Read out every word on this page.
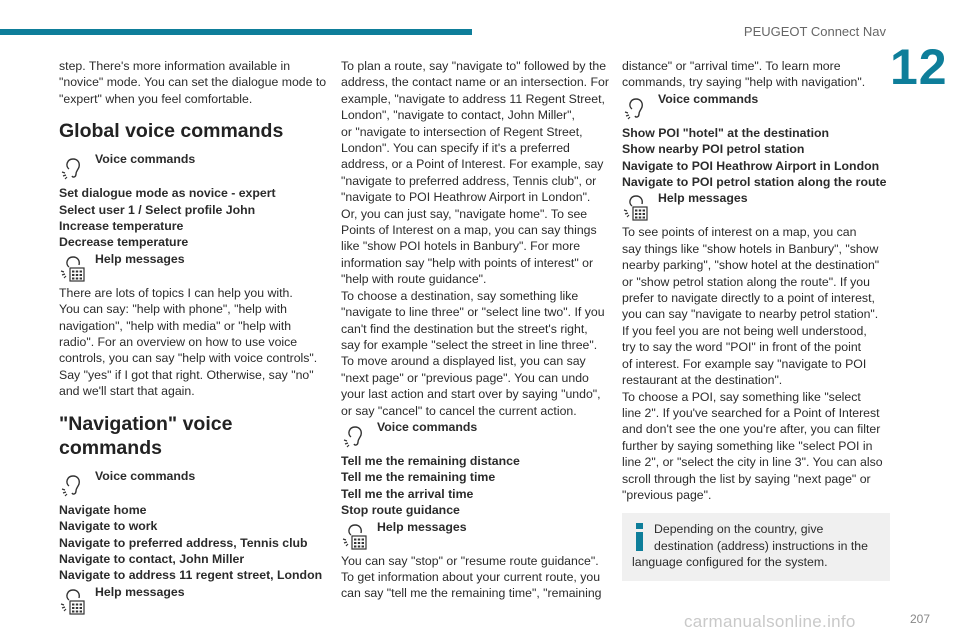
PEUGEOT Connect Nav
12

step. There's more information available in
"novice" mode. You can set the dialogue mode to
"expert" when you feel comfortable.

Global voice commands
Voice commands
Set dialogue mode as novice - expert
Select user 1 / Select profile John
Increase temperature
Decrease temperature
Help messages

There are lots of topics I can help you with.
You can say: "help with phone", "help with
navigation", "help with media" or "help with
radio". For an overview on how to use voice
controls, you can say "help with voice controls".
Say "yes" if I got that right. Otherwise, say "no"
and we'll start that again.

"Navigation" voice
commands
Voice commands
Navigate home
Navigate to work
Navigate to preferred address, Tennis club
Navigate to contact, John Miller
Navigate to address 11 regent street, London
Help messages

To plan a route, say "navigate to" followed by the
address, the contact name or an intersection. For
example, "navigate to address 11 Regent Street,
London", "navigate to contact, John Miller",
or "navigate to intersection of Regent Street,
London". You can specify if it's a preferred
address, or a Point of Interest. For example, say
"navigate to preferred address, Tennis club", or
"navigate to POI Heathrow Airport in London".
Or, you can just say, "navigate home". To see
Points of Interest on a map, you can say things
like "show POI hotels in Banbury". For more
information say "help with points of interest" or
"help with route guidance".
To choose a destination, say something like
"navigate to line three" or "select line two". If you
can't find the destination but the street's right,
say for example "select the street in line three".
To move around a displayed list, you can say
"next page" or "previous page". You can undo
your last action and start over by saying "undo",
or say "cancel" to cancel the current action.

Voice commands
Tell me the remaining distance
Tell me the remaining time
Tell me the arrival time
Stop route guidance
Help messages

You can say "stop" or "resume route guidance".
To get information about your current route, you
can say "tell me the remaining time", "remaining

distance" or "arrival time". To learn more
commands, try saying "help with navigation".

Voice commands
Show POI "hotel" at the destination
Show nearby POI petrol station
Navigate to POI Heathrow Airport in London
Navigate to POI petrol station along the route
Help messages

To see points of interest on a map, you can
say things like "show hotels in Banbury", "show
nearby parking", "show hotel at the destination"
or "show petrol station along the route". If you
prefer to navigate directly to a point of interest,
you can say "navigate to nearby petrol station".
If you feel you are not being well understood,
try to say the word "POI" in front of the point
of interest. For example say "navigate to POI
restaurant at the destination".
To choose a POI, say something like "select
line 2". If you've searched for a Point of Interest
and don't see the one you're after, you can filter
further by saying something like "select POI in
line 2", or "select the city in line 3". You can also
scroll through the list by saying "next page" or
"previous page".

Depending on the country, give
destination (address) instructions in the
language configured for the system.
carmanualsonline.info	207
